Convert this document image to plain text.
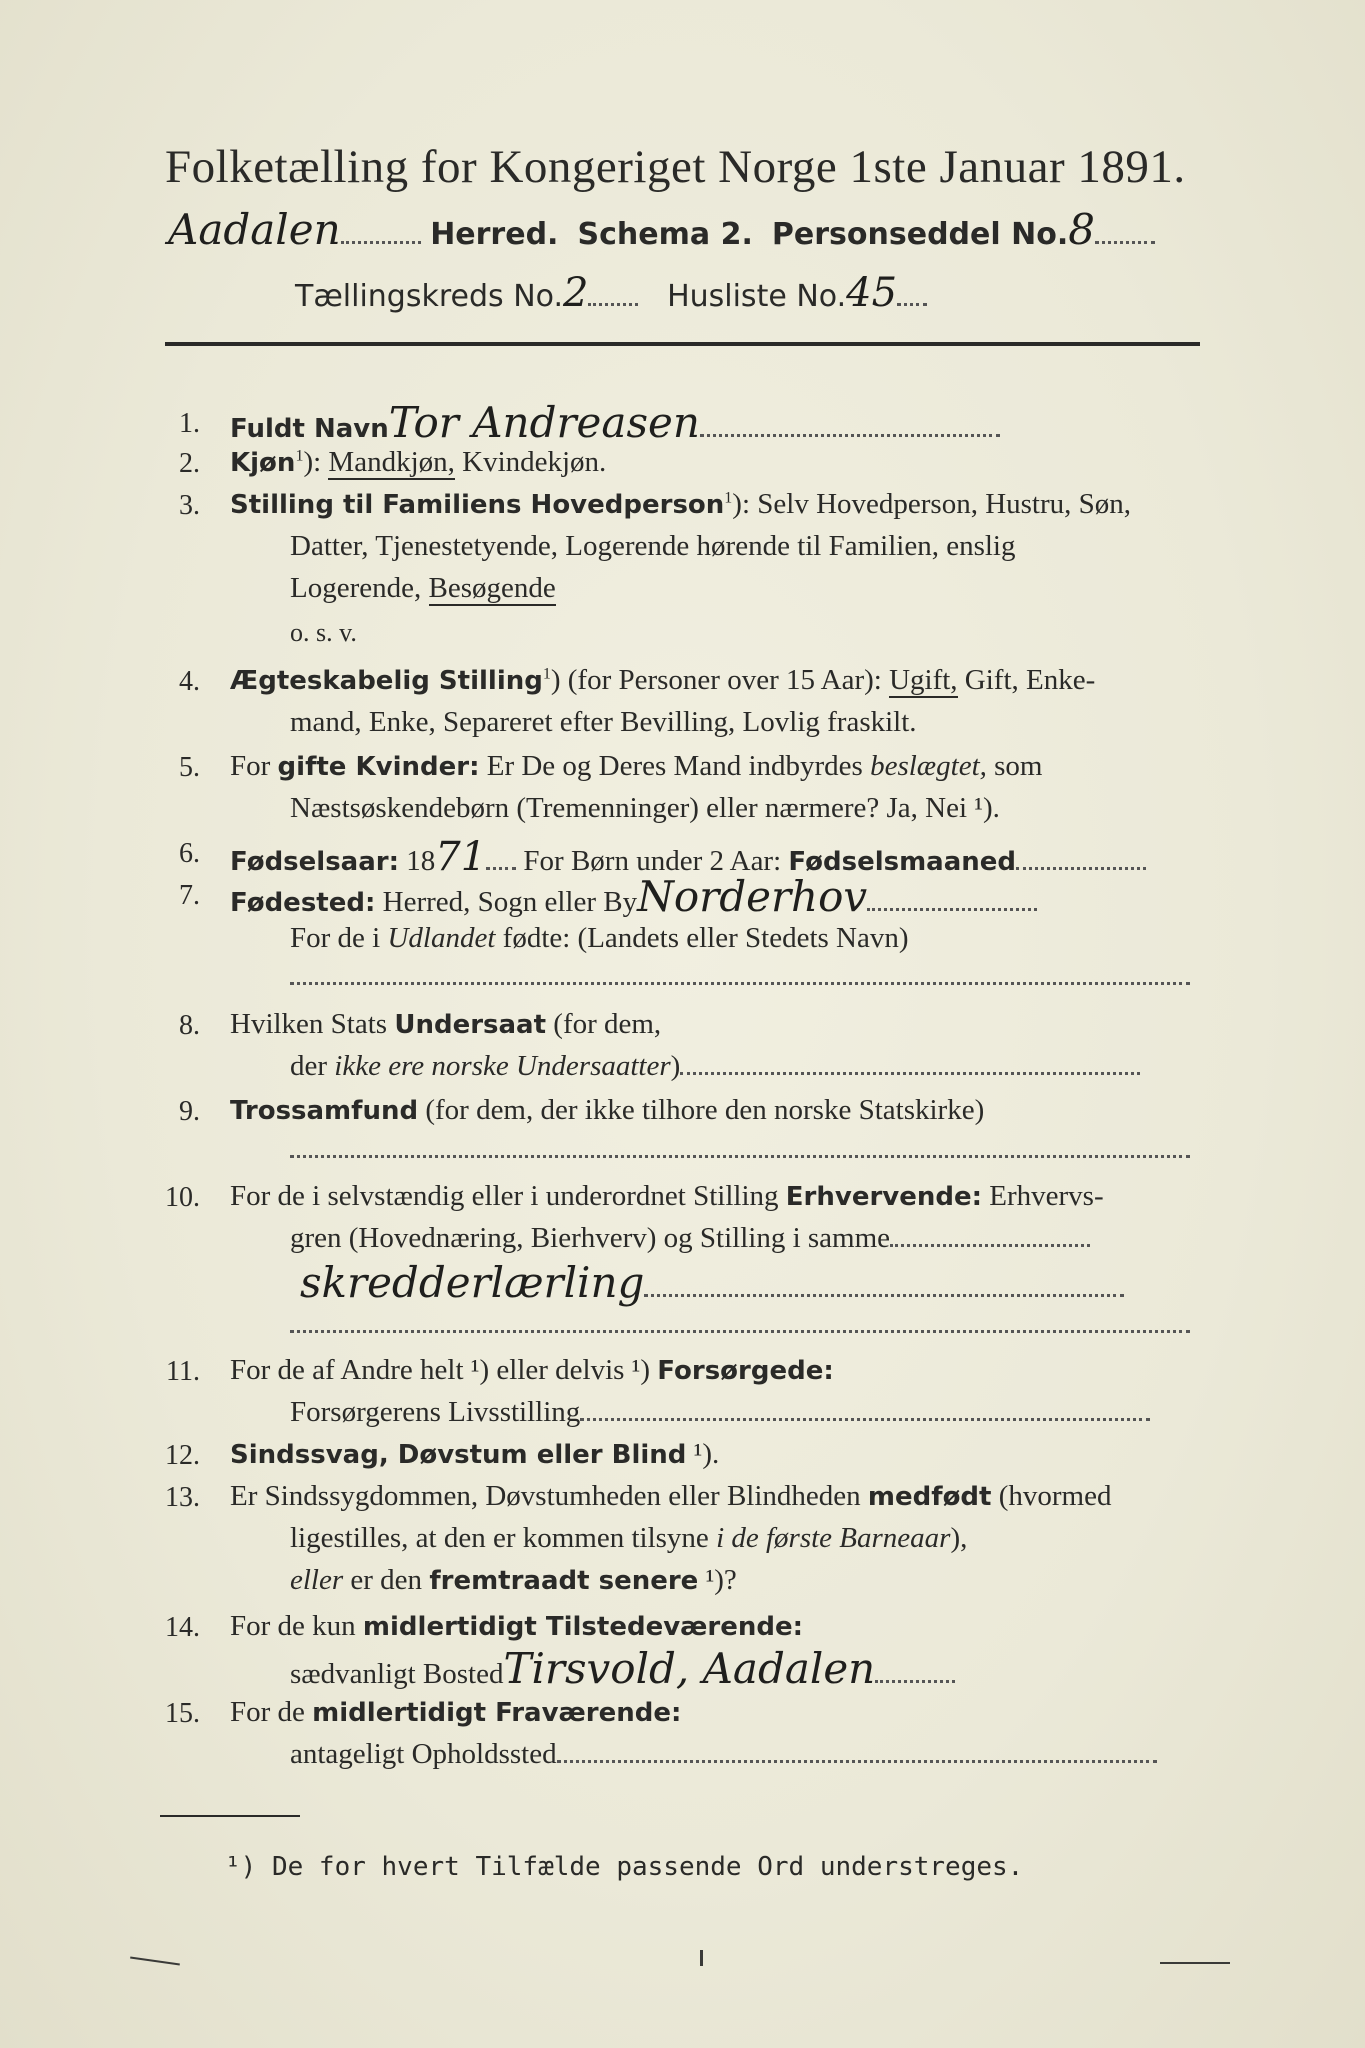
Folketælling for Kongeriget Norge 1ste Januar 1891.
Aadalen	Herred. Schema 2. Personseddel No.8
Tællingskreds No.2	Husliste No.45
1. Fuldt NavnTor Andreasen
2. Kjøn$^1$): Mandkjøn, Kvindekjøn.
3. Stilling til Familiens Hovedperson$^1$): Selv Hovedperson, Hustru, Søn,
Datter, Tjenestetyende, Logerende hørende til Familien, enslig
Logerende, Besøgende
o. s. v.
4. Ægteskabelig Stilling$^1$) (for Personer over 15 Aar): Ugift, Gift, Enke-
mand, Enke, Separeret efter Bevilling, Lovlig fraskilt.
5. For gifte Kvinder: Er De og Deres Mand indbyrdes beslægtet, som
Næstsøskendebørn (Tremenninger) eller nærmere? Ja, Nei ¹).
6. Fødselsaar: 1871 For Børn under 2 Aar: Fødselsmaaned
7. Fødested: Herred, Sogn eller ByNorderhov
For de i Udlandet fødte: (Landets eller Stedets Navn)
8. Hvilken Stats Undersaat (for dem,
der ikke ere norske Undersaatter)
9. Trossamfund (for dem, der ikke tilhore den norske Statskirke)
10. For de i selvstændig eller i underordnet Stilling Erhvervende: Erhvervs-
gren (Hovednæring, Bierhverv) og Stilling i samme
skredderlærling
11. For de af Andre helt ¹) eller delvis ¹) Forsørgede:
Forsørgerens Livsstilling
12. Sindssvag, Døvstum eller Blind ¹).
13. Er Sindssygdommen, Døvstumheden eller Blindheden medfødt (hvormed
ligestilles, at den er kommen tilsyne i de første Barneaar),
eller er den fremtraadt senere ¹)?
14. For de kun midlertidigt Tilstedeværende:
sædvanligt BostedTirsvold, Aadalen
15. For de midlertidigt Fraværende:
antageligt Opholdssted
¹) De for hvert Tilfælde passende Ord understreges.
